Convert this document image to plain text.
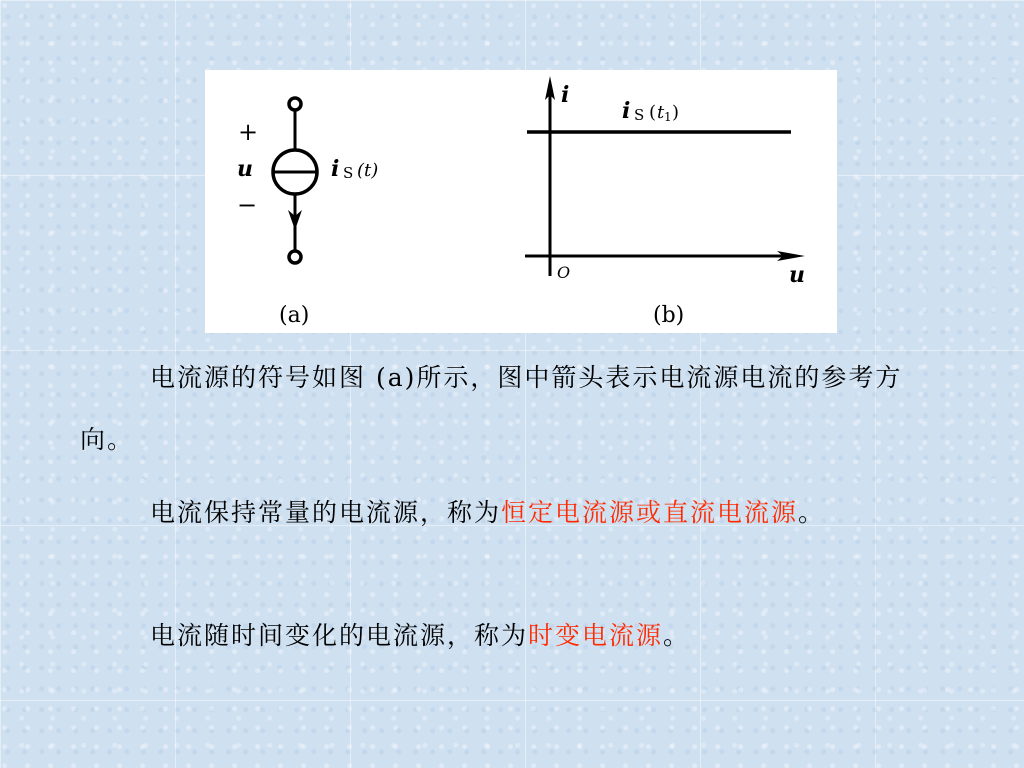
+
u
−
i S (t)
(a)
i
u
O
i S ( t 1 )
(b)
电流源的符号如图 (a)所示，图中箭头表示电流源电流的参考方向。
电流保持常量的电流源，称为恒定电流源或直流电流源。
电流随时间变化的电流源，称为时变电流源。
